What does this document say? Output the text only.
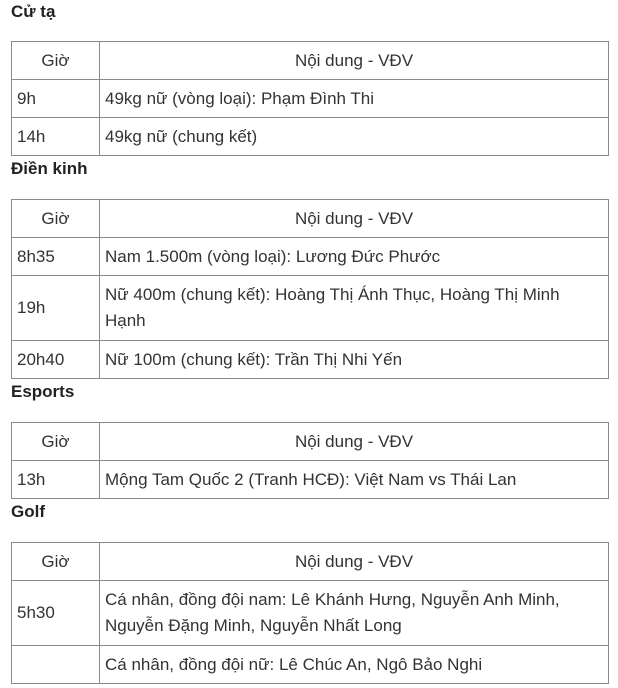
Cử tạ
Giờ	Nội dung - VĐV
9h	49kg nữ (vòng loại): Phạm Đình Thi
14h	49kg nữ (chung kết)
Điền kinh
Giờ	Nội dung - VĐV
8h35	Nam 1.500m (vòng loại): Lương Đức Phước
19h	Nữ 400m (chung kết): Hoàng Thị Ánh Thục, Hoàng Thị Minh Hạnh
20h40	Nữ 100m (chung kết): Trần Thị Nhi Yến
Esports
Giờ	Nội dung - VĐV
13h	Mộng Tam Quốc 2 (Tranh HCĐ): Việt Nam vs Thái Lan
Golf
Giờ	Nội dung - VĐV
5h30	Cá nhân, đồng đội nam: Lê Khánh Hưng, Nguyễn Anh Minh, Nguyễn Đặng Minh, Nguyễn Nhất Long
	Cá nhân, đồng đội nữ: Lê Chúc An, Ngô Bảo Nghi
